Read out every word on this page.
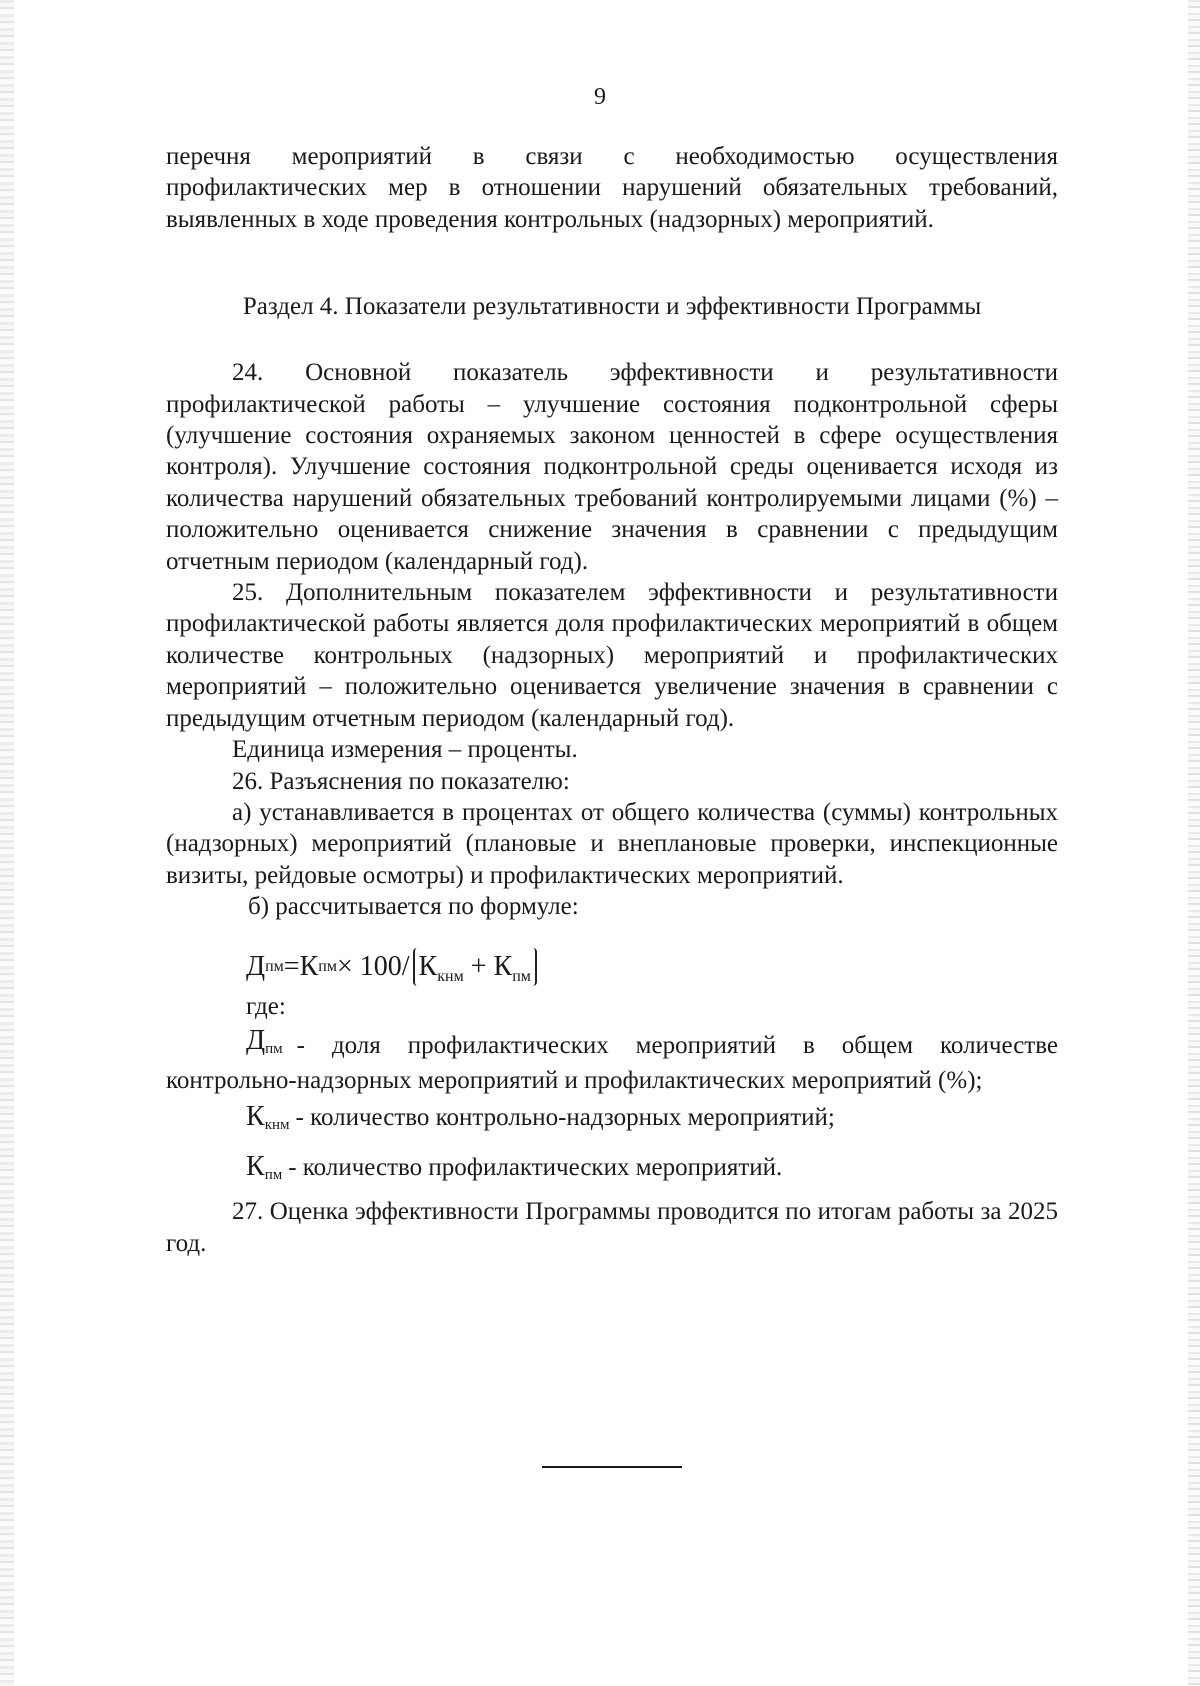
9

перечня мероприятий в связи с необходимостью осуществления профилактических мер в отношении нарушений обязательных требований, выявленных в ходе проведения контрольных (надзорных) мероприятий.

Раздел 4. Показатели результативности и эффективности Программы

24. Основной показатель эффективности и результативности профилактической работы – улучшение состояния подконтрольной сферы (улучшение состояния охраняемых законом ценностей в сфере осуществления контроля). Улучшение состояния подконтрольной среды оценивается исходя из количества нарушений обязательных требований контролируемыми лицами (%) – положительно оценивается снижение значения в сравнении с предыдущим отчетным периодом (календарный год).

25. Дополнительным показателем эффективности и результативности профилактической работы является доля профилактических мероприятий в общем количестве контрольных (надзорных) мероприятий и профилактических мероприятий – положительно оценивается увеличение значения в сравнении с предыдущим отчетным периодом (календарный год).

Единица измерения – проценты.

26. Разъяснения по показателю:

а) устанавливается в процентах от общего количества (суммы) контрольных (надзорных) мероприятий (плановые и внеплановые проверки, инспекционные визиты, рейдовые осмотры) и профилактических мероприятий.

б) рассчитывается по формуле:

Д пм = К пм × 100/ $К_{кнм} + К_{пм}$

где:

$Д_{пм}$ - доля профилактических мероприятий в общем количестве контрольно-надзорных мероприятий и профилактических мероприятий (%);

$К_{кнм}$ - количество контрольно-надзорных мероприятий;

$К_{пм}$ - количество профилактических мероприятий.

27. Оценка эффективности Программы проводится по итогам работы за 2025 год.
